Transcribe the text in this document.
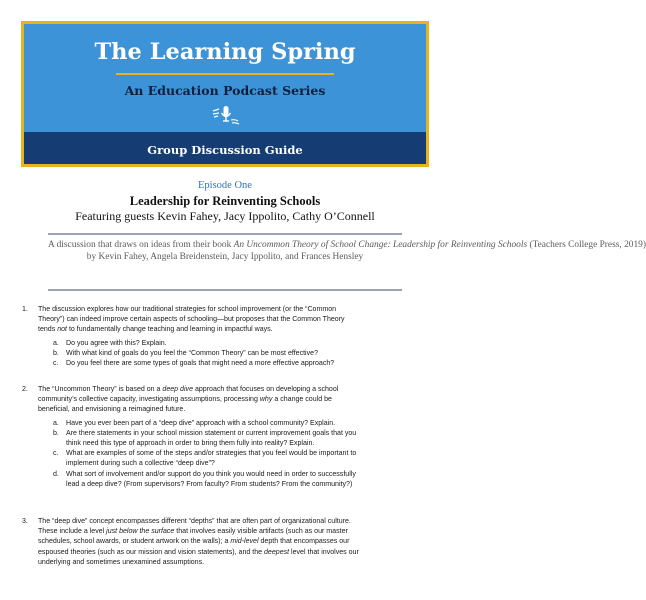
The Learning Spring
An Education Podcast Series
Group Discussion Guide
Episode One
Leadership for Reinventing Schools
Featuring guests Kevin Fahey, Jacy Ippolito, Cathy O’Connell
A discussion that draws on ideas from their book An Uncommon Theory of School Change: Leadership for Reinventing Schools (Teachers College Press, 2019)
by Kevin Fahey, Angela Breidenstein, Jacy Ippolito, and Frances Hensley
1.	The discussion explores how our traditional strategies for school improvement (or the “Common
Theory”) can indeed improve certain aspects of schooling—but proposes that the Common Theory
tends not to fundamentally change teaching and learning in impactful ways.
a. Do you agree with this? Explain.
b. With what kind of goals do you feel the “Common Theory” can be most effective?
c. Do you feel there are some types of goals that might need a more effective approach?
2.	The “Uncommon Theory” is based on a deep dive approach that focuses on developing a school
community’s collective capacity, investigating assumptions, processing why a change could be
beneficial, and envisioning a reimagined future.
a. Have you ever been part of a “deep dive” approach with a school community? Explain.
b. Are there statements in your school mission statement or current improvement goals that you
think need this type of approach in order to bring them fully into reality? Explain.
c. What are examples of some of the steps and/or strategies that you feel would be important to
implement during such a collective “deep dive”?
d. What sort of involvement and/or support do you think you would need in order to successfully
lead a deep dive? (From supervisors? From faculty? From students? From the community?)
3.	The “deep dive” concept encompasses different “depths” that are often part of organizational culture.
These include a level just below the surface that involves easily visible artifacts (such as our master
schedules, school awards, or student artwork on the walls); a mid-level depth that encompasses our
espoused theories (such as our mission and vision statements), and the deepest level that involves our
underlying and sometimes unexamined assumptions.
